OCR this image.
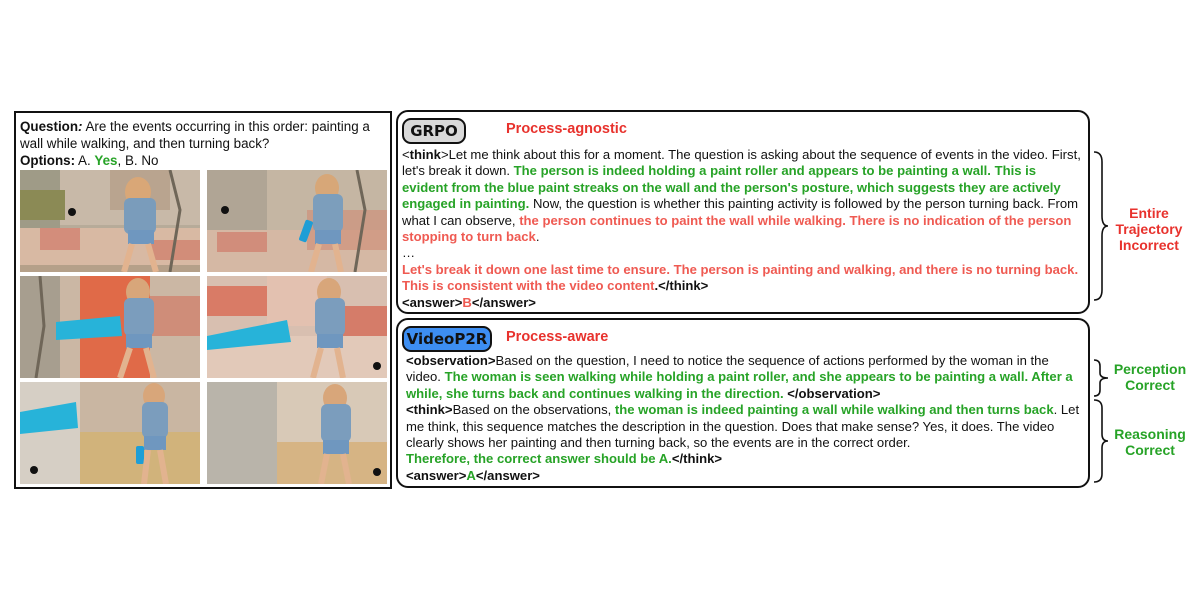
Question: Are the events occurring in this order: painting a wall while walking, and then turning back?
Options: A. Yes, B. No
GRPO	Process-agnostic
<think>Let me think about this for a moment. The question is asking about the sequence of events in the video. First, let's break it down. The person is indeed holding a paint roller and appears to be painting a wall. This is evident from the blue paint streaks on the wall and the person's posture, which suggests they are actively engaged in painting. Now, the question is whether this painting activity is followed by the person turning back. From what I can observe, the person continues to paint the wall while walking. There is no indication of the person stopping to turn back.
…
Let's break it down one last time to ensure. The person is painting and walking, and there is no turning back. This is consistent with the video content.</think>
<answer>B</answer>
VideoP2R	Process-aware
<observation>Based on the question, I need to notice the sequence of actions performed by the woman in the video. The woman is seen walking while holding a paint roller, and she appears to be painting a wall. After a while, she turns back and continues walking in the direction. </observation>
<think>Based on the observations, the woman is indeed painting a wall while walking and then turns back. Let me think, this sequence matches the description in the question. Does that make sense? Yes, it does. The video clearly shows her painting and then turning back, so the events are in the correct order.
Therefore, the correct answer should be A.</think>
<answer>A</answer>
Entire
Trajectory
Incorrect
Perception
Correct
Reasoning
Correct
